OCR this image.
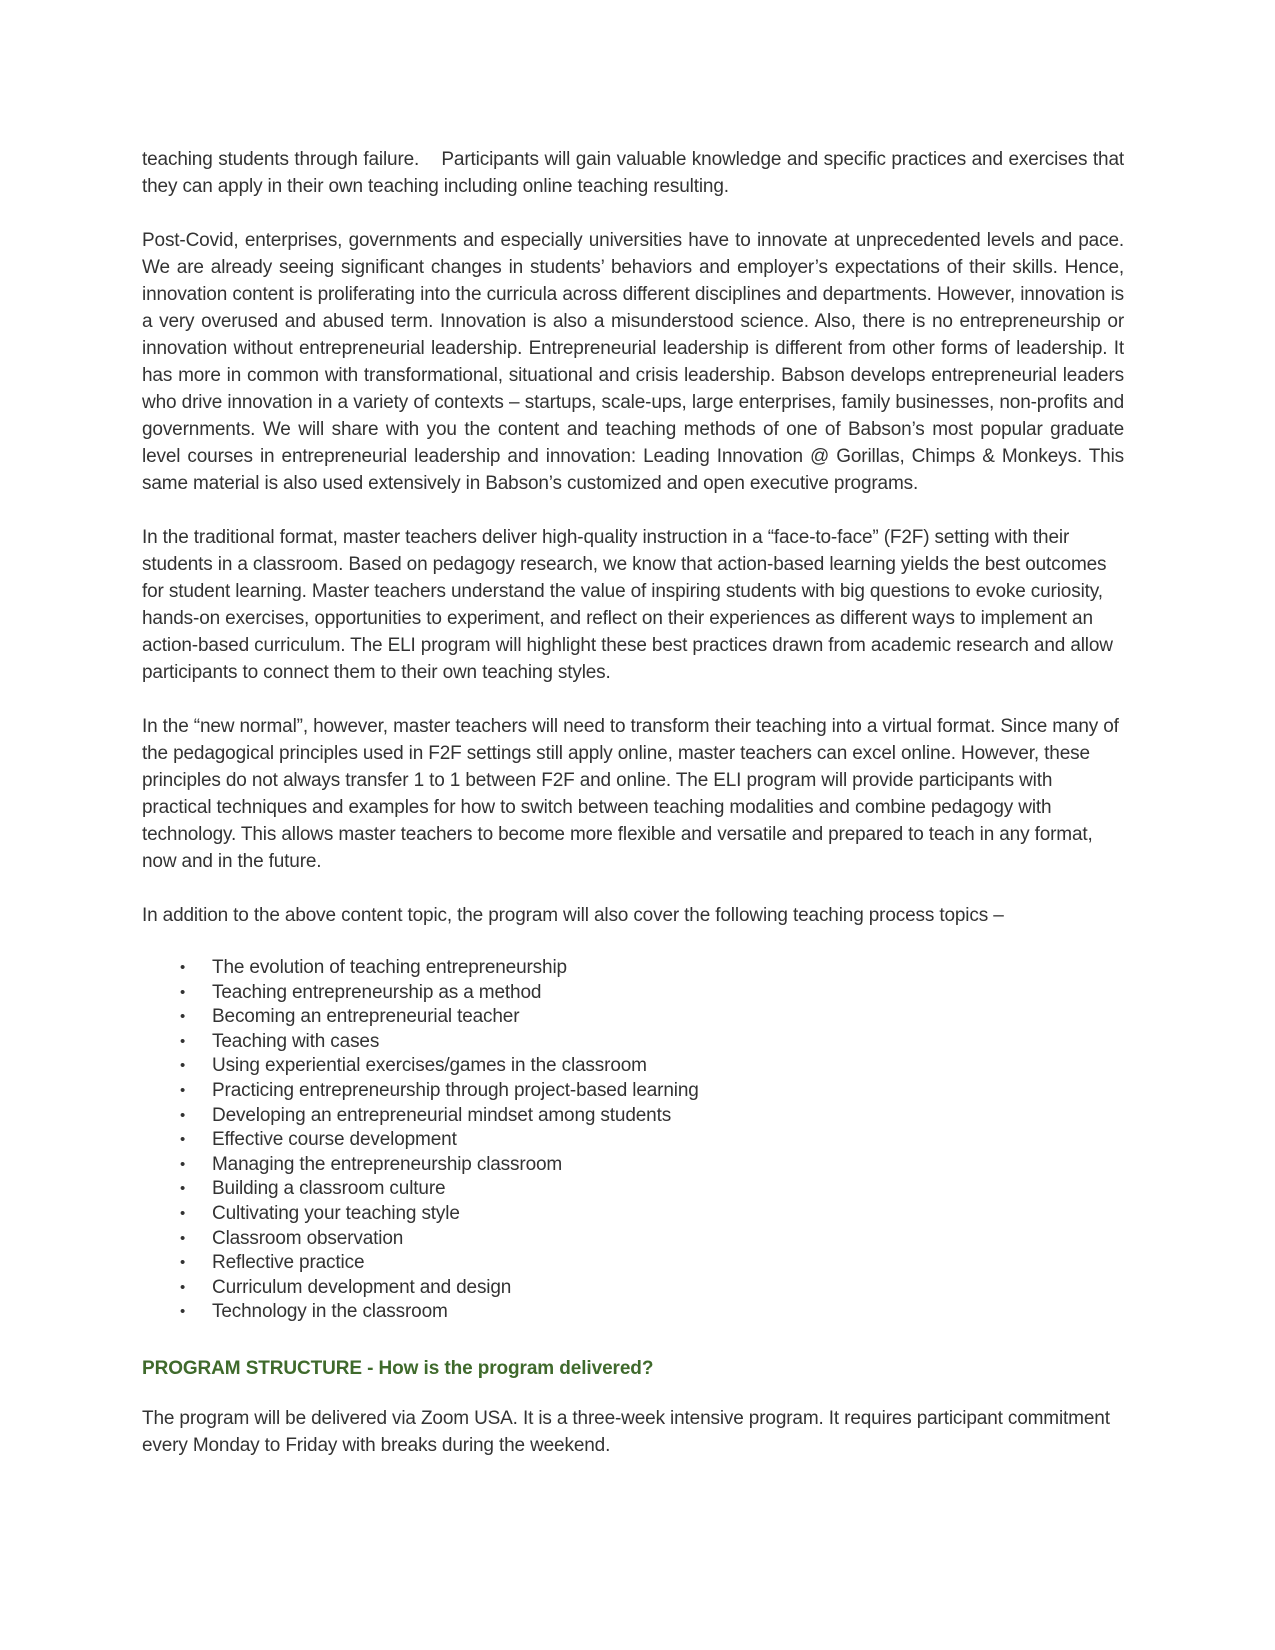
teaching students through failure.    Participants will gain valuable knowledge and specific practices and exercises that they can apply in their own teaching including online teaching resulting.

Post-Covid, enterprises, governments and especially universities have to innovate at unprecedented levels and pace. We are already seeing significant changes in students’ behaviors and employer’s expectations of their skills. Hence, innovation content is proliferating into the curricula across different disciplines and departments. However, innovation is a very overused and abused term. Innovation is also a misunderstood science. Also, there is no entrepreneurship or innovation without entrepreneurial leadership. Entrepreneurial leadership is different from other forms of leadership. It has more in common with transformational, situational and crisis leadership. Babson develops entrepreneurial leaders who drive innovation in a variety of contexts – startups, scale-ups, large enterprises, family businesses, non-profits and governments. We will share with you the content and teaching methods of one of Babson’s most popular graduate level courses in entrepreneurial leadership and innovation: Leading Innovation @ Gorillas, Chimps & Monkeys. This same material is also used extensively in Babson’s customized and open executive programs.

In the traditional format, master teachers deliver high-quality instruction in a “face-to-face” (F2F) setting with their students in a classroom. Based on pedagogy research, we know that action-based learning yields the best outcomes for student learning. Master teachers understand the value of inspiring students with big questions to evoke curiosity, hands-on exercises, opportunities to experiment, and reflect on their experiences as different ways to implement an action-based curriculum. The ELI program will highlight these best practices drawn from academic research and allow participants to connect them to their own teaching styles.

In the “new normal”, however, master teachers will need to transform their teaching into a virtual format. Since many of the pedagogical principles used in F2F settings still apply online, master teachers can excel online. However, these principles do not always transfer 1 to 1 between F2F and online. The ELI program will provide participants with practical techniques and examples for how to switch between teaching modalities and combine pedagogy with technology. This allows master teachers to become more flexible and versatile and prepared to teach in any format, now and in the future.

In addition to the above content topic, the program will also cover the following teaching process topics –

• The evolution of teaching entrepreneurship
• Teaching entrepreneurship as a method
• Becoming an entrepreneurial teacher
• Teaching with cases
• Using experiential exercises/games in the classroom
• Practicing entrepreneurship through project-based learning
• Developing an entrepreneurial mindset among students
• Effective course development
• Managing the entrepreneurship classroom
• Building a classroom culture
• Cultivating your teaching style
• Classroom observation
• Reflective practice
• Curriculum development and design
• Technology in the classroom
PROGRAM STRUCTURE - How is the program delivered?

The program will be delivered via Zoom USA. It is a three-week intensive program. It requires participant commitment every Monday to Friday with breaks during the weekend.
